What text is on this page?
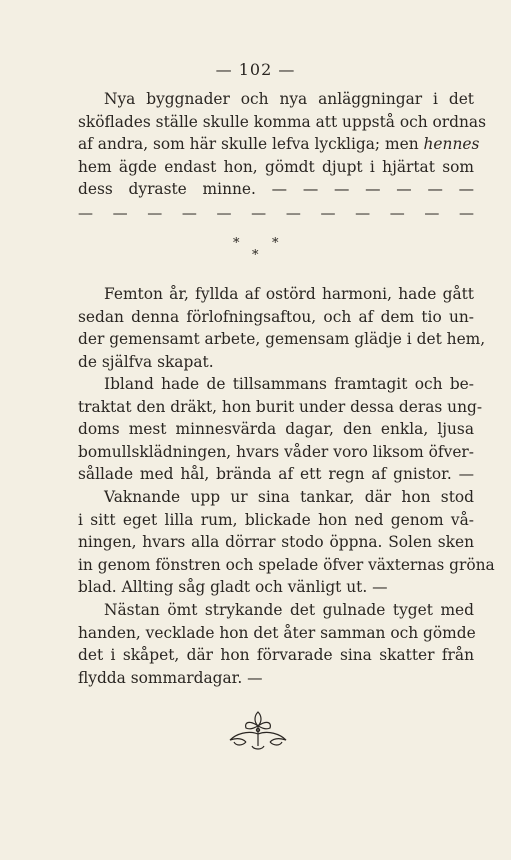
— 102 —
Nya byggnader och nya anläggningar i det
sköflades ställe skulle komma att uppstå och ordnas
af andra, som här skulle lefva lyckliga; men hennes
hem ägde endast hon, gömdt djupt i hjärtat som
dess dyraste minne. — — — — — — —
— — — — — — — — — — — —
*	*
*
Femton år, fyllda af ostörd harmoni, hade gått
sedan denna förlofningsaftou, och af dem tio un-
der gemensamt arbete, gemensam glädje i det hem,
de själfva skapat.
Ibland hade de tillsammans framtagit och be-
traktat den dräkt, hon burit under dessa deras ung-
doms mest minnesvärda dagar, den enkla, ljusa
bomullsklädningen, hvars våder voro liksom öfver-
sållade med hål, brända af ett regn af gnistor. —
Vaknande upp ur sina tankar, där hon stod
i sitt eget lilla rum, blickade hon ned genom vå-
ningen, hvars alla dörrar stodo öppna. Solen sken
in genom fönstren och spelade öfver växternas gröna
blad. Allting såg gladt och vänligt ut. —
Nästan ömt strykande det gulnade tyget med
handen, vecklade hon det åter samman och gömde
det i skåpet, där hon förvarade sina skatter från
flydda sommardagar. —
